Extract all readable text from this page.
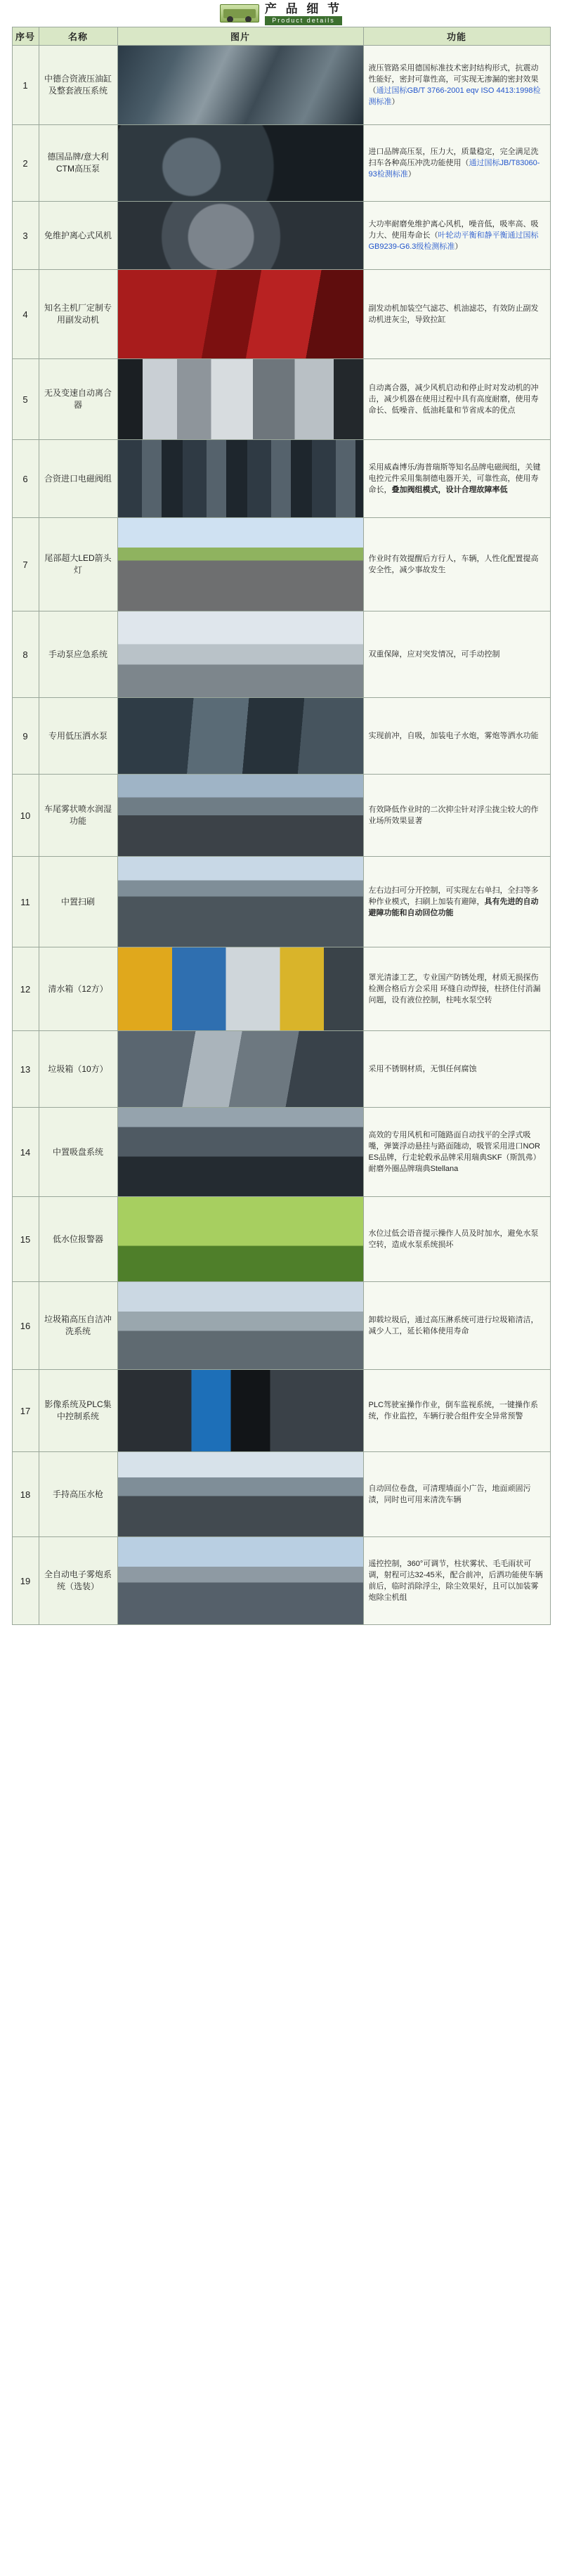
产 品 细 节
Product details
序号	名称	图片	功能
1	中德合资液压油缸及整套液压系统		液压管路采用德国标准技术密封结构形式，抗震动性能好，密封可靠性高，可实现无渗漏的密封效果（通过国标GB/T 3766-2001 eqv ISO 4413:1998检测标准）
2	德国品牌/意大利CTM高压泵		进口品牌高压泵，压力大，质量稳定，完全满足洗扫车各种高压冲洗功能使用（通过国标JB/T83060-93检测标准）
3	免维护离心式风机		大功率耐磨免维护离心风机，噪音低，吸率高、吸力大、使用寿命长（叶轮动平衡和静平衡通过国标GB9239-G6.3级检测标准）
4	知名主机厂定制专用副发动机		副发动机加装空气滤芯、机油滤芯，有效防止副发动机进灰尘，导致拉缸
5	无及变速自动离合器		自动离合器，减少风机启动和停止时对发动机的冲击，减少机器在使用过程中具有高度耐磨，使用寿命长、低噪音、低油耗量和节省成本的优点
6	合资进口电磁阀组		采用威森博乐/海普瑞斯等知名品牌电磁阀组，关键电控元件采用集制德电器开关，可靠性高，使用寿命长，叠加阀组模式，设计合理故障率低
7	尾部超大LED箭头灯		作业时有效提醒后方行人，车辆，人性化配置提高安全性，减少事故发生
8	手动泵应急系统		双重保障，应对突发情况，可手动控制
9	专用低压洒水泵		实现前冲，自吸，加装电子水炮，雾炮等洒水功能
10	车尾雾状喷水润湿功能		有效降低作业时的二次抑尘针对浮尘拢尘较大的作业场所效果显著
11	中置扫刷		左右边扫可分开控制，可实现左右单扫，全扫等多种作业模式，扫刷上加装有避障，具有先进的自动避障功能和自动回位功能
12	清水箱（12方）		罩光清漆工艺，专业国产防锈处理，材质无损探伤检测合格后方会采用 环缝自动焊接，柱挤住付消漏问题，设有液位控制，柱吨水泵空转
13	垃圾箱（10方）		采用不锈钢材质，无惧任何腐蚀
14	中置吸盘系统		高效的专用风机和可随路面自动找平的全浮式吸嘴，弹簧浮动悬挂与路面随动，吸管采用进口NOR ES品牌，行走轮毂承品牌采用瑞典SKF（斯凯弗）耐磨外圈品牌瑞典Stellana
15	低水位报警器		水位过低会语音提示操作人员及时加水，避免水泵空转，造成水泵系统损坏
16	垃圾箱高压自洁冲洗系统		卸载垃圾后，通过高压淋系统可进行垃圾箱清洁，减少人工，延长箱体使用寿命
17	影像系统及PLC集中控制系统		PLC驾驶室操作作业，倒车监视系统，一键操作系统，作业监控，车辆行驶合组件安全异常预警
18	手持高压水枪		自动回位卷盘，可清理墙面小广告，地面顽固污渍，同时也可用来清洗车辆
19	全自动电子雾炮系统（选装）		遥控控制，360°可调节，柱状雾状、毛毛雨状可调，射程可达32-45米，配合前冲，后洒功能使车辆前后，临时消除浮尘，除尘效果好，且可以加装雾炮除尘机组
